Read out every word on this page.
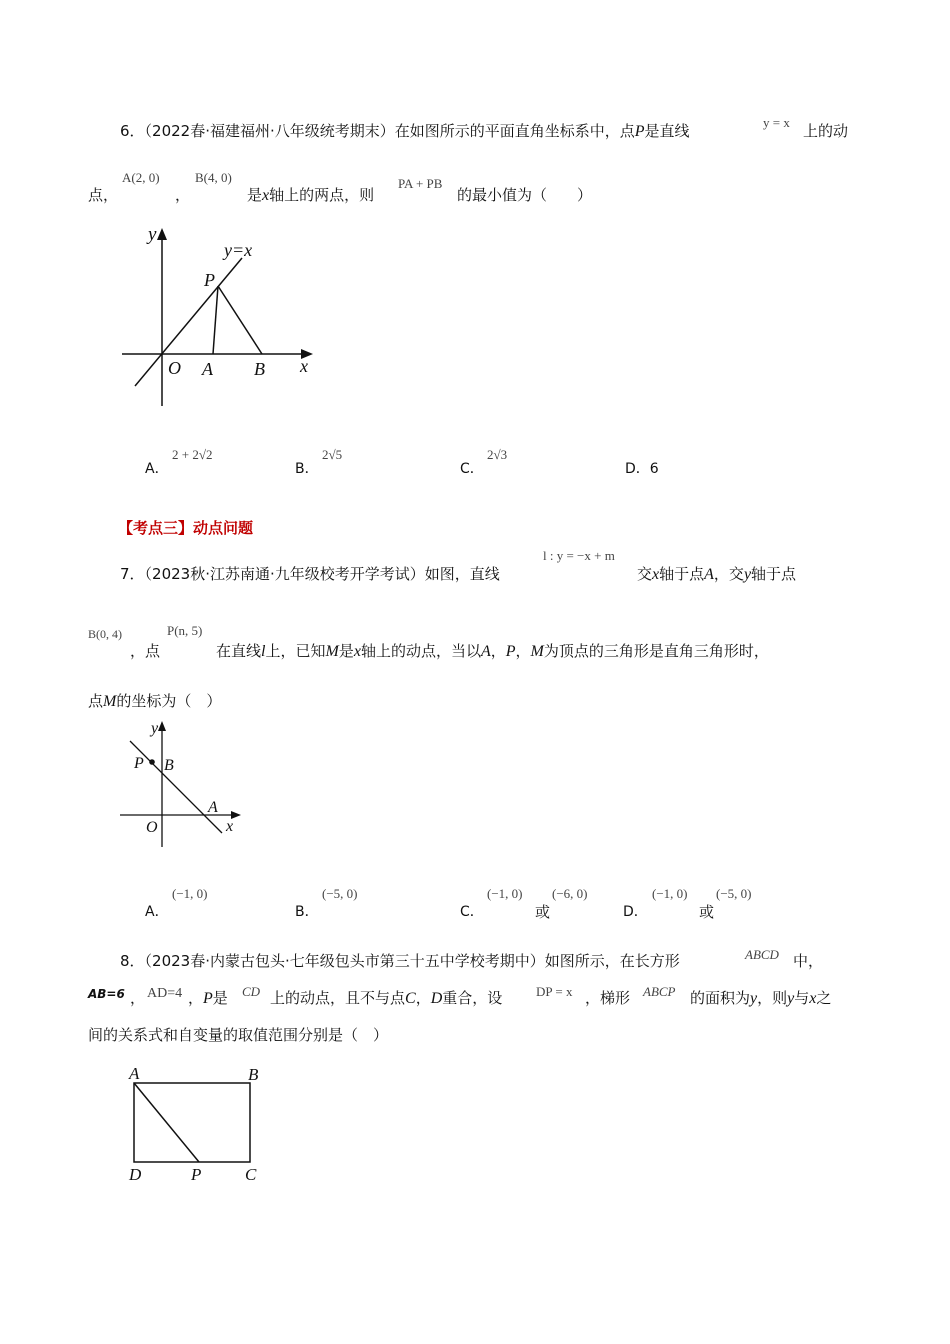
6．（2022春·福建福州·八年级统考期末）在如图所示的平面直角坐标系中，点P是直线	y = x 上的动
点，
A(2, 0)
，
B(4, 0)
是x轴上的两点，则
PA + PB
的最小值为（　　）
y
y=x
P
O A B x
A．
2 + 2√2
B．
2√5
C．
2√3
D．6
【考点三】动点问题
7．（2023秋·江苏南通·九年级校考开学考试）如图，直线
l : y = −x + m
交x轴于点A，交y轴于点
B(0, 4)
，点
P(n, 5)
在直线l上，已知M是x轴上的动点，当以A，P，M为顶点的三角形是直角三角形时，
点M的坐标为（　）
y
P B
A
O	x
A．
(−1, 0)
B．
(−5, 0)
C．
(−1, 0)
或
(−6, 0)
D．
(−1, 0)
或
(−5, 0)
8．（2023春·内蒙古包头·七年级包头市第三十五中学校考期中）如图所示，在长方形	ABCD 中，
AB=6 ， AD=4 ，P是 CD 上的动点，且不与点C，D重合，设	DP = x ，梯形 ABCP 的面积为y，则y与x之
间的关系式和自变量的取值范围分别是（　）
A	B
D	P	C
